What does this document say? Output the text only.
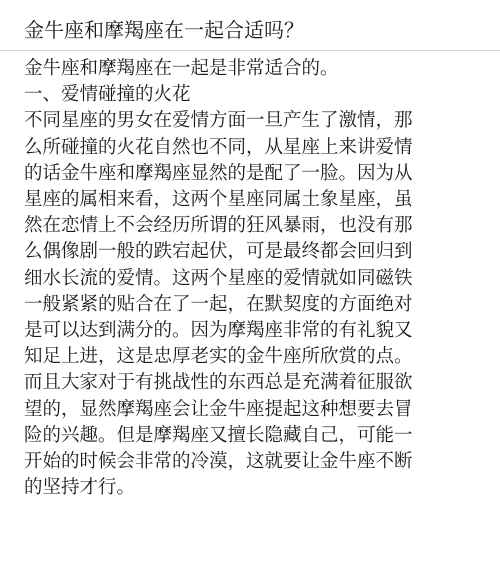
金牛座和摩羯座在一起合适吗？
金牛座和摩羯座在一起是非常适合的。
一、爱情碰撞的火花
不同星座的男女在爱情方面一旦产生了激情，那
么所碰撞的火花自然也不同，从星座上来讲爱情
的话金牛座和摩羯座显然的是配了一脸。因为从
星座的属相来看，这两个星座同属土象星座，虽
然在恋情上不会经历所谓的狂风暴雨，也没有那
么偶像剧一般的跌宕起伏，可是最终都会回归到
细水长流的爱情。这两个星座的爱情就如同磁铁
一般紧紧的贴合在了一起，在默契度的方面绝对
是可以达到满分的。因为摩羯座非常的有礼貌又
知足上进，这是忠厚老实的金牛座所欣赏的点。
而且大家对于有挑战性的东西总是充满着征服欲
望的，显然摩羯座会让金牛座提起这种想要去冒
险的兴趣。但是摩羯座又擅长隐藏自己，可能一
开始的时候会非常的冷漠，这就要让金牛座不断
的坚持才行。
